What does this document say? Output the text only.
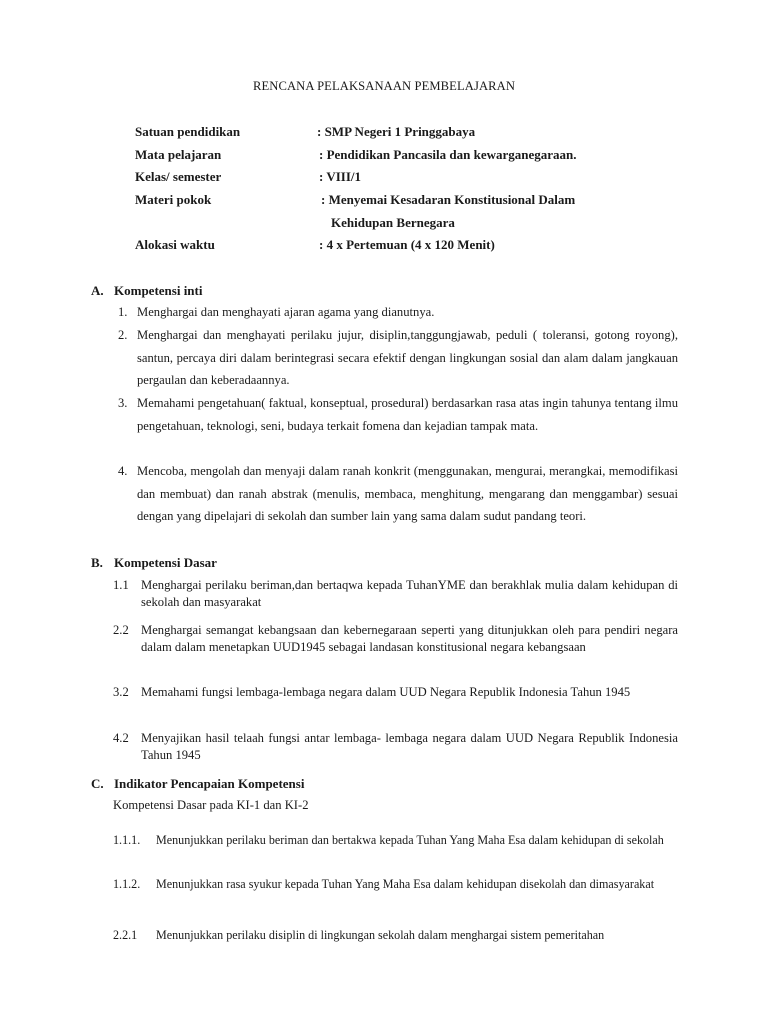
RENCANA PELAKSANAAN PEMBELAJARAN
Satuan pendidikan	: SMP Negeri 1 Pringgabaya
Mata pelajaran	: Pendidikan Pancasila dan kewarganegaraan.
Kelas/ semester	: VIII/1
Materi pokok	: Menyemai Kesadaran Konstitusional Dalam
Kehidupan Bernegara
Alokasi waktu	: 4 x Pertemuan (4 x 120 Menit)
A. Kompetensi inti
1. Menghargai dan menghayati ajaran agama yang dianutnya.
2. Menghargai dan menghayati perilaku jujur, disiplin,tanggungjawab, peduli ( toleransi, gotong royong), santun, percaya diri dalam berintegrasi secara efektif dengan lingkungan sosial dan alam dalam jangkauan pergaulan dan keberadaannya.
3. Memahami pengetahuan( faktual, konseptual, prosedural) berdasarkan rasa atas ingin tahunya tentang ilmu pengetahuan, teknologi, seni, budaya terkait fomena dan kejadian tampak mata.
4. Mencoba, mengolah dan menyaji dalam ranah konkrit (menggunakan, mengurai, merangkai, memodifikasi dan membuat) dan ranah abstrak (menulis, membaca, menghitung, mengarang dan menggambar) sesuai dengan yang dipelajari di sekolah dan sumber lain yang sama dalam sudut pandang teori.
B. Kompetensi Dasar
1.1 Menghargai perilaku beriman,dan bertaqwa kepada TuhanYME dan berakhlak mulia dalam kehidupan di sekolah dan masyarakat
2.2 Menghargai semangat kebangsaan dan kebernegaraan seperti yang ditunjukkan oleh para pendiri negara dalam dalam menetapkan UUD1945 sebagai landasan konstitusional negara kebangsaan
3.2 Memahami fungsi lembaga-lembaga negara dalam UUD Negara Republik Indonesia Tahun 1945
4.2 Menyajikan hasil telaah fungsi antar lembaga- lembaga negara dalam UUD Negara Republik Indonesia Tahun 1945
C. Indikator Pencapaian Kompetensi
Kompetensi Dasar pada KI-1 dan KI-2
1.1.1. Menunjukkan perilaku beriman dan bertakwa kepada Tuhan Yang Maha Esa dalam kehidupan di sekolah
1.1.2. Menunjukkan rasa syukur kepada Tuhan Yang Maha Esa dalam kehidupan disekolah dan dimasyarakat
2.2.1 Menunjukkan perilaku disiplin di lingkungan sekolah dalam menghargai sistem pemeritahan
